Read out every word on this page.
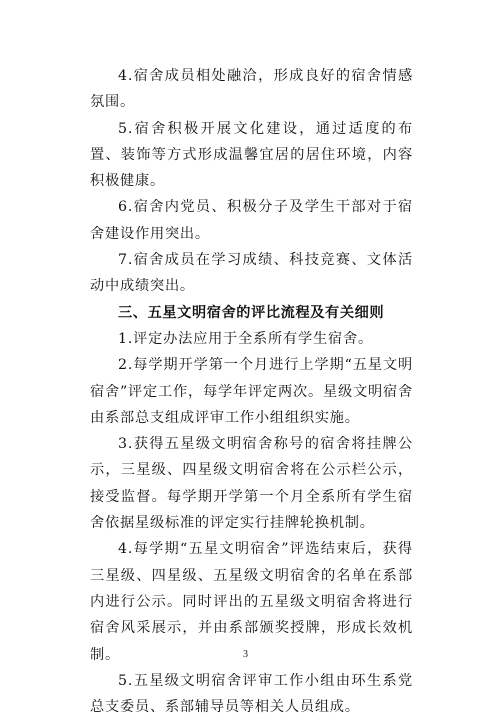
4.宿舍成员相处融洽，形成良好的宿舍情感氛围。

5.宿舍积极开展文化建设，通过适度的布置、装饰等方式形成温馨宜居的居住环境，内容积极健康。

6.宿舍内党员、积极分子及学生干部对于宿舍建设作用突出。

7.宿舍成员在学习成绩、科技竞赛、文体活动中成绩突出。

三、五星文明宿舍的评比流程及有关细则

1.评定办法应用于全系所有学生宿舍。

2.每学期开学第一个月进行上学期“五星文明宿舍”评定工作，每学年评定两次。星级文明宿舍由系部总支组成评审工作小组组织实施。

3.获得五星级文明宿舍称号的宿舍将挂牌公示，三星级、四星级文明宿舍将在公示栏公示，接受监督。每学期开学第一个月全系所有学生宿舍依据星级标准的评定实行挂牌轮换机制。

4.每学期“五星文明宿舍”评选结束后，获得三星级、四星级、五星级文明宿舍的名单在系部内进行公示。同时评出的五星级文明宿舍将进行宿舍风采展示，并由系部颁奖授牌，形成长效机制。

5.五星级文明宿舍评审工作小组由环生系党总支委员、系部辅导员等相关人员组成。

3
